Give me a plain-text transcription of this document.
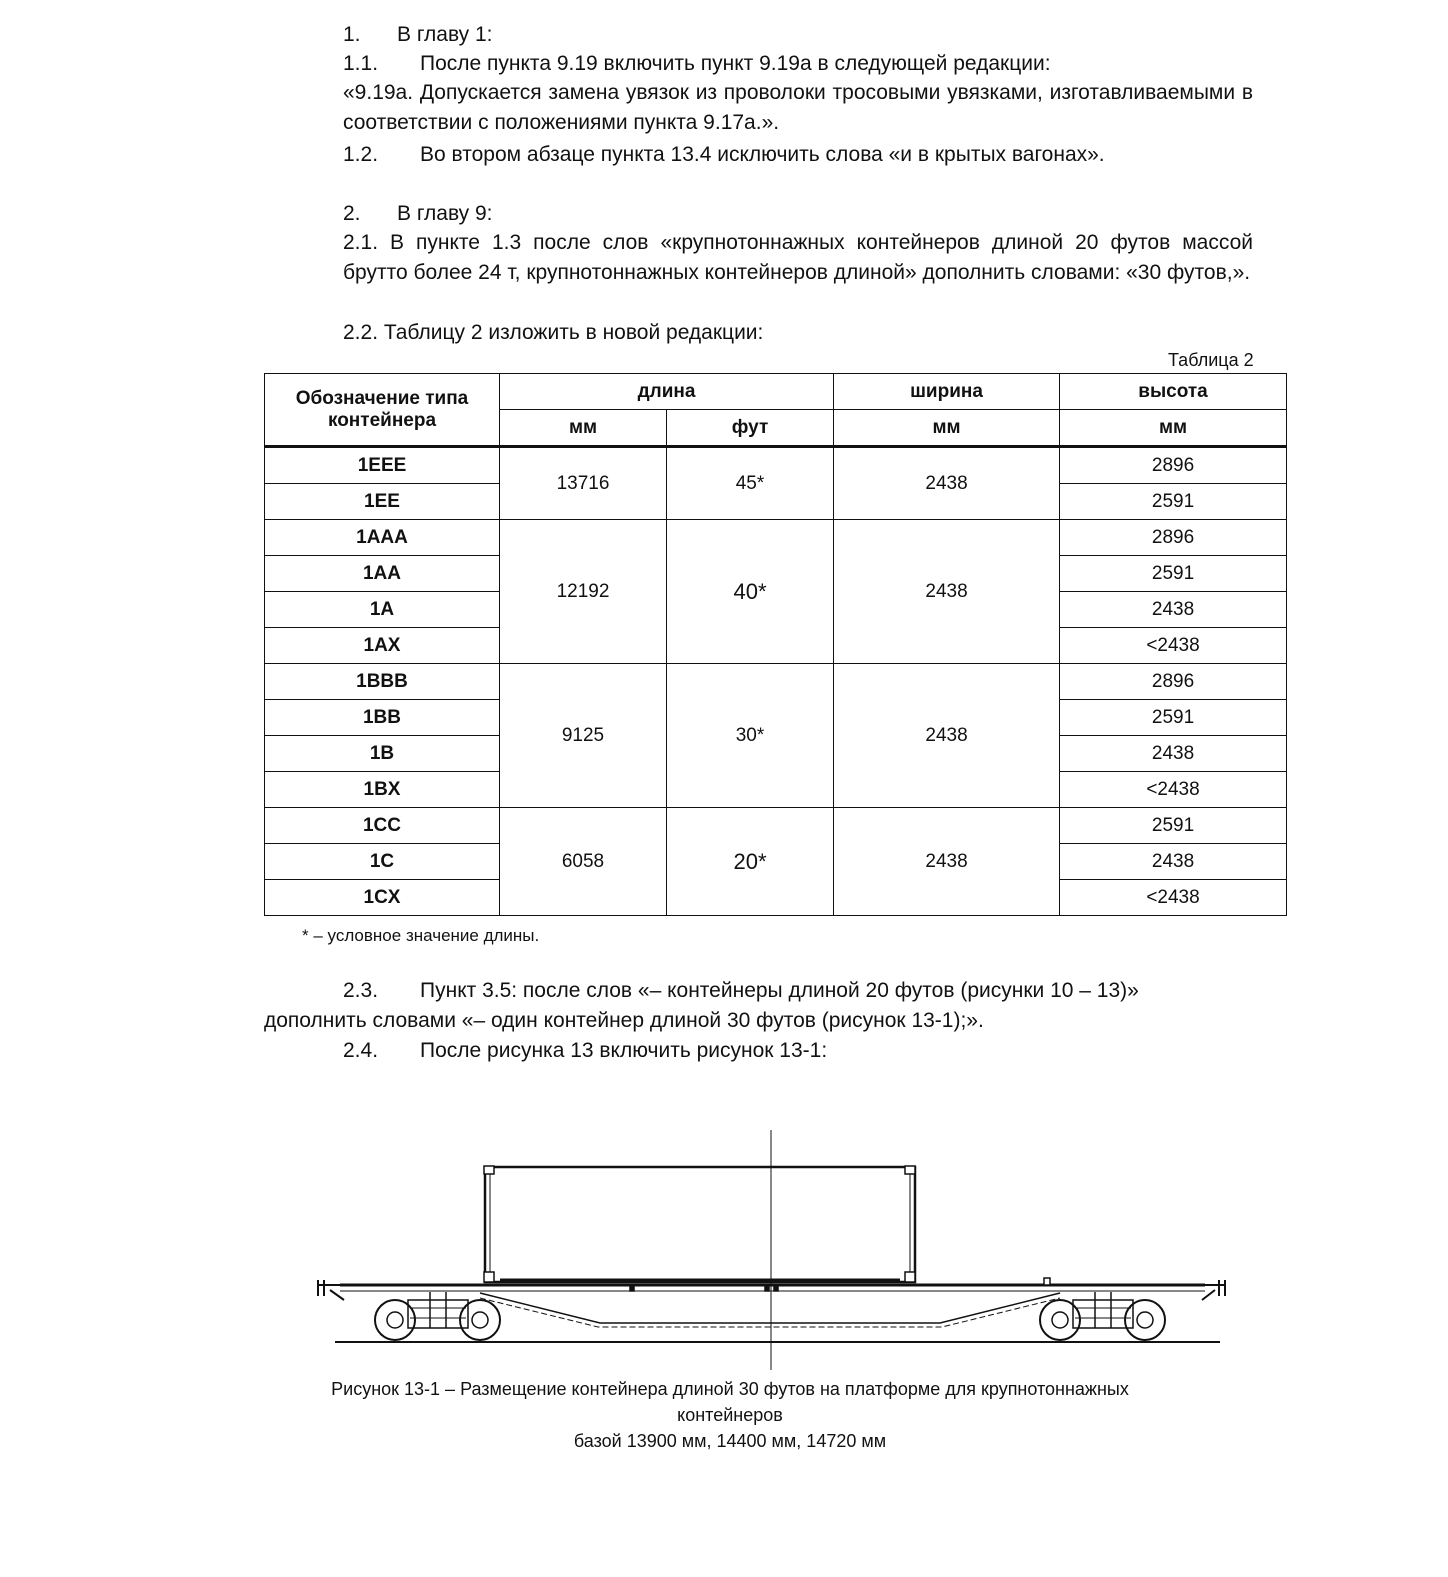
1. В главу 1:
1.1. После пункта 9.19 включить пункт 9.19а в следующей редакции:
«9.19а. Допускается замена увязок из проволоки тросовыми увязками, изготавливаемыми в соответствии с положениями пункта 9.17а.».
1.2. Во втором абзаце пункта 13.4 исключить слова «и в крытых вагонах».
2. В главу 9:
2.1. В пункте 1.3 после слов «крупнотоннажных контейнеров длиной 20 футов массой брутто более 24 т, крупнотоннажных контейнеров длиной» дополнить словами: «30 футов,».
2.2. Таблицу 2 изложить в новой редакции:
Таблица 2
Обозначение типа контейнера	длина		ширина	высота
	мм	фут	мм	мм
1EEE	13716	45*	2438	2896
1EE				2591
1AAA	12192	40*	2438	2896
1AA				2591
1A				2438
1AX				<2438
1BBB	9125	30*	2438	2896
1BB				2591
1B				2438
1BX				<2438
1CC	6058	20*	2438	2591
1C				2438
1CX				<2438
* – условное значение длины.
2.3. Пункт 3.5: после слов «– контейнеры длиной 20 футов (рисунки 10 – 13)»
дополнить словами «– один контейнер длиной 30 футов (рисунок 13-1);».
2.4. После рисунка 13 включить рисунок 13-1:
Рисунок 13-1 – Размещение контейнера длиной 30 футов на платформе для крупнотоннажных контейнеров
базой 13900 мм, 14400 мм, 14720 мм
